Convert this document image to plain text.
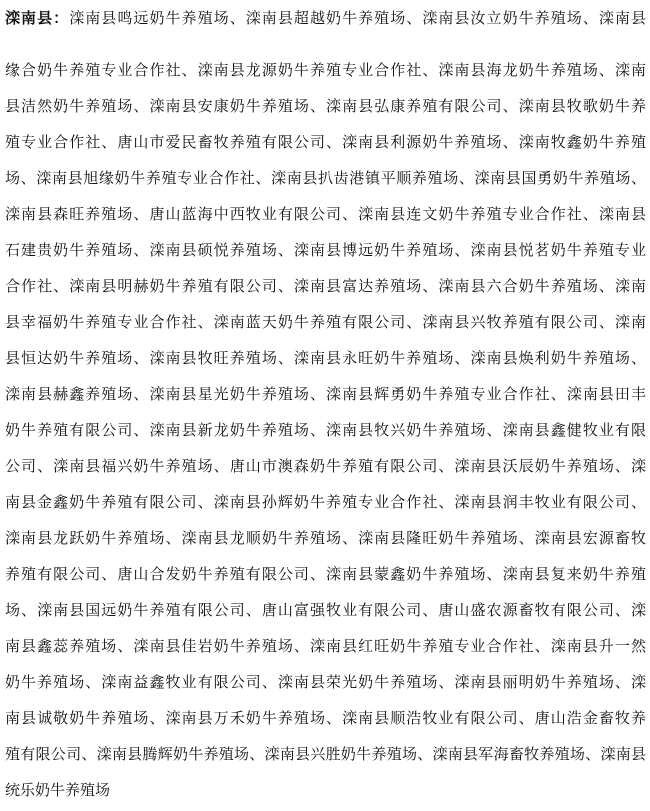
滦南县：滦南县鸣远奶牛养殖场、滦南县超越奶牛养殖场、滦南县汝立奶牛养殖场、滦南县
缘合奶牛养殖专业合作社、滦南县龙源奶牛养殖专业合作社、滦南县海龙奶牛养殖场、滦南
县洁然奶牛养殖场、滦南县安康奶牛养殖场、滦南县弘康养殖有限公司、滦南县牧歌奶牛养
殖专业合作社、唐山市爱民畜牧养殖有限公司、滦南县利源奶牛养殖场、滦南牧鑫奶牛养殖
场、滦南县旭缘奶牛养殖专业合作社、滦南县扒齿港镇平顺养殖场、滦南县国勇奶牛养殖场、
滦南县森旺养殖场、唐山蓝海中西牧业有限公司、滦南县连文奶牛养殖专业合作社、滦南县
石建贵奶牛养殖场、滦南县硕悦养殖场、滦南县博远奶牛养殖场、滦南县悦茗奶牛养殖专业
合作社、滦南县明赫奶牛养殖有限公司、滦南县富达养殖场、滦南县六合奶牛养殖场、滦南
县幸福奶牛养殖专业合作社、滦南蓝天奶牛养殖有限公司、滦南县兴牧养殖有限公司、滦南
县恒达奶牛养殖场、滦南县牧旺养殖场、滦南县永旺奶牛养殖场、滦南县焕利奶牛养殖场、
滦南县赫鑫养殖场、滦南县星光奶牛养殖场、滦南县辉勇奶牛养殖专业合作社、滦南县田丰
奶牛养殖有限公司、滦南县新龙奶牛养殖场、滦南县牧兴奶牛养殖场、滦南县鑫健牧业有限
公司、滦南县福兴奶牛养殖场、唐山市澳森奶牛养殖有限公司、滦南县沃辰奶牛养殖场、滦
南县金鑫奶牛养殖有限公司、滦南县孙辉奶牛养殖专业合作社、滦南县润丰牧业有限公司、
滦南县龙跃奶牛养殖场、滦南县龙顺奶牛养殖场、滦南县隆旺奶牛养殖场、滦南县宏源畜牧
养殖有限公司、唐山合发奶牛养殖有限公司、滦南县蒙鑫奶牛养殖场、滦南县复来奶牛养殖
场、滦南县国远奶牛养殖有限公司、唐山富强牧业有限公司、唐山盛农源畜牧有限公司、滦
南县鑫蕊养殖场、滦南县佳岩奶牛养殖场、滦南县红旺奶牛养殖专业合作社、滦南县升一然
奶牛养殖场、滦南益鑫牧业有限公司、滦南县荣光奶牛养殖场、滦南县丽明奶牛养殖场、滦
南县诚敬奶牛养殖场、滦南县万禾奶牛养殖场、滦南县顺浩牧业有限公司、唐山浩金畜牧养
殖有限公司、滦南县腾辉奶牛养殖场、滦南县兴胜奶牛养殖场、滦南县军海畜牧养殖场、滦南县
统乐奶牛养殖场
